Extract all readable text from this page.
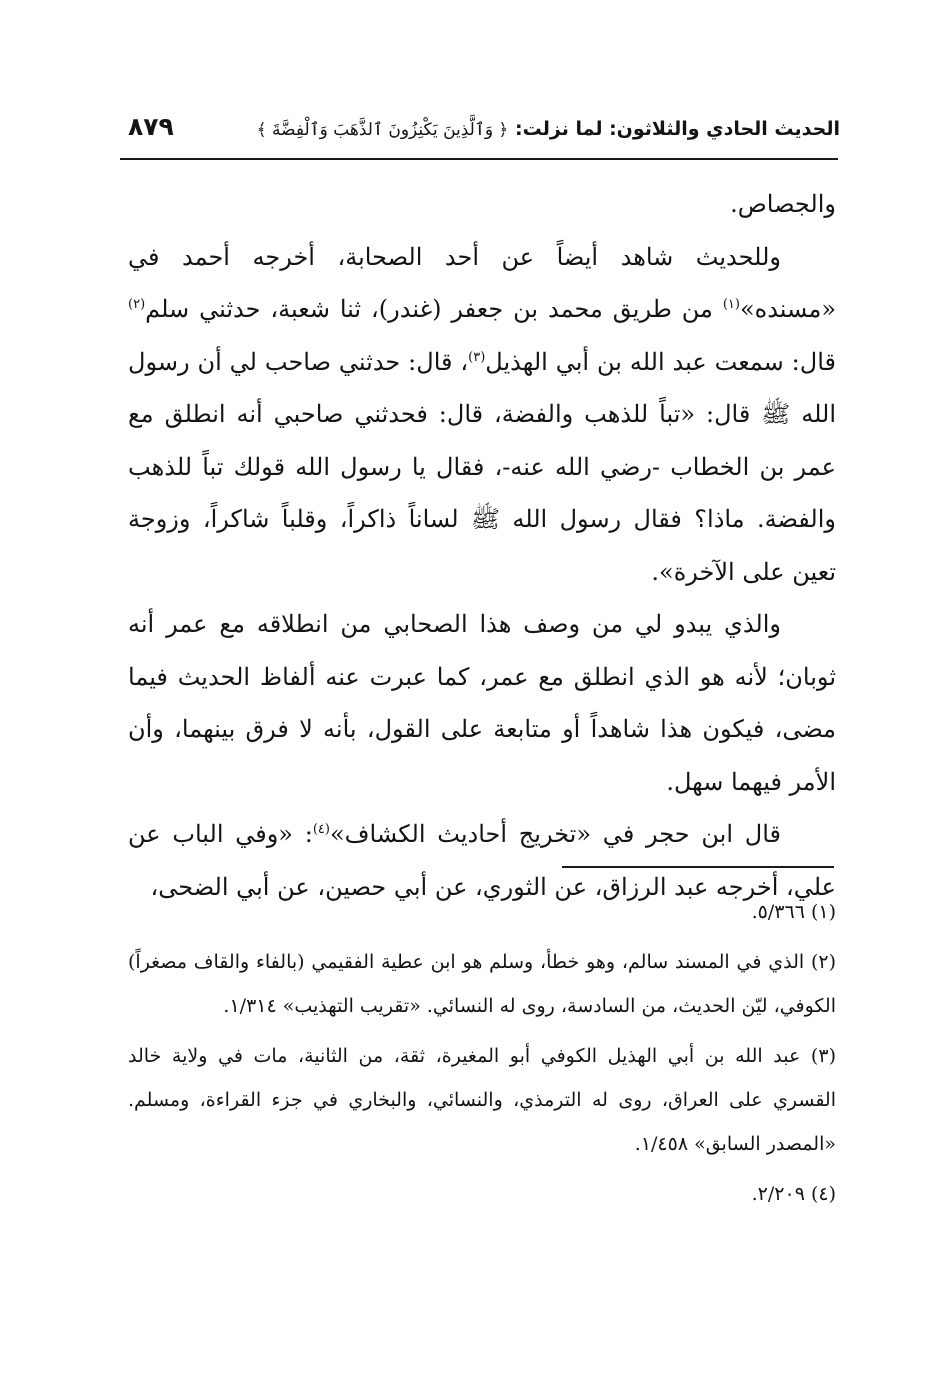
٨٧٩	الحديث الحادي والثلاثون: لما نزلت: ﴿ وَٱلَّذِينَ يَكْنِزُونَ ٱلذَّهَبَ وَٱلْفِضَّةَ ﴾

والجصاص.

وللحديث شاهد أيضاً عن أحد الصحابة، أخرجه أحمد في «مسنده»$^{(١)}$ من طريق محمد بن جعفر (غندر)، ثنا شعبة، حدثني سلم$^{(٢)}$ قال: سمعت عبد الله بن أبي الهذيل$^{(٣)}$، قال: حدثني صاحب لي أن رسول الله ﷺ قال: «تباً للذهب والفضة، قال: فحدثني صاحبي أنه انطلق مع عمر بن الخطاب -رضي الله عنه-، فقال يا رسول الله قولك تباً للذهب والفضة. ماذا؟ فقال رسول الله ﷺ لساناً ذاكراً، وقلباً شاكراً، وزوجة تعين على الآخرة».

والذي يبدو لي من وصف هذا الصحابي من انطلاقه مع عمر أنه ثوبان؛ لأنه هو الذي انطلق مع عمر، كما عبرت عنه ألفاظ الحديث فيما مضى، فيكون هذا شاهداً أو متابعة على القول، بأنه لا فرق بينهما، وأن الأمر فيهما سهل.

قال ابن حجر في «تخريج أحاديث الكشاف»$^{(٤)}$: «وفي الباب عن علي، أخرجه عبد الرزاق، عن الثوري، عن أبي حصين، عن أبي الضحى،

(١) ٥/٣٦٦.

(٢) الذي في المسند سالم، وهو خطأ، وسلم هو ابن عطية الفقيمي (بالفاء والقاف مصغراً) الكوفي، ليّن الحديث، من السادسة، روى له النسائي. «تقريب التهذيب» ١/٣١٤.

(٣) عبد الله بن أبي الهذيل الكوفي أبو المغيرة، ثقة، من الثانية، مات في ولاية خالد القسري على العراق، روى له الترمذي، والنسائي، والبخاري في جزء القراءة، ومسلم. «المصدر السابق» ١/٤٥٨.

(٤) ٢/٢٠٩.
